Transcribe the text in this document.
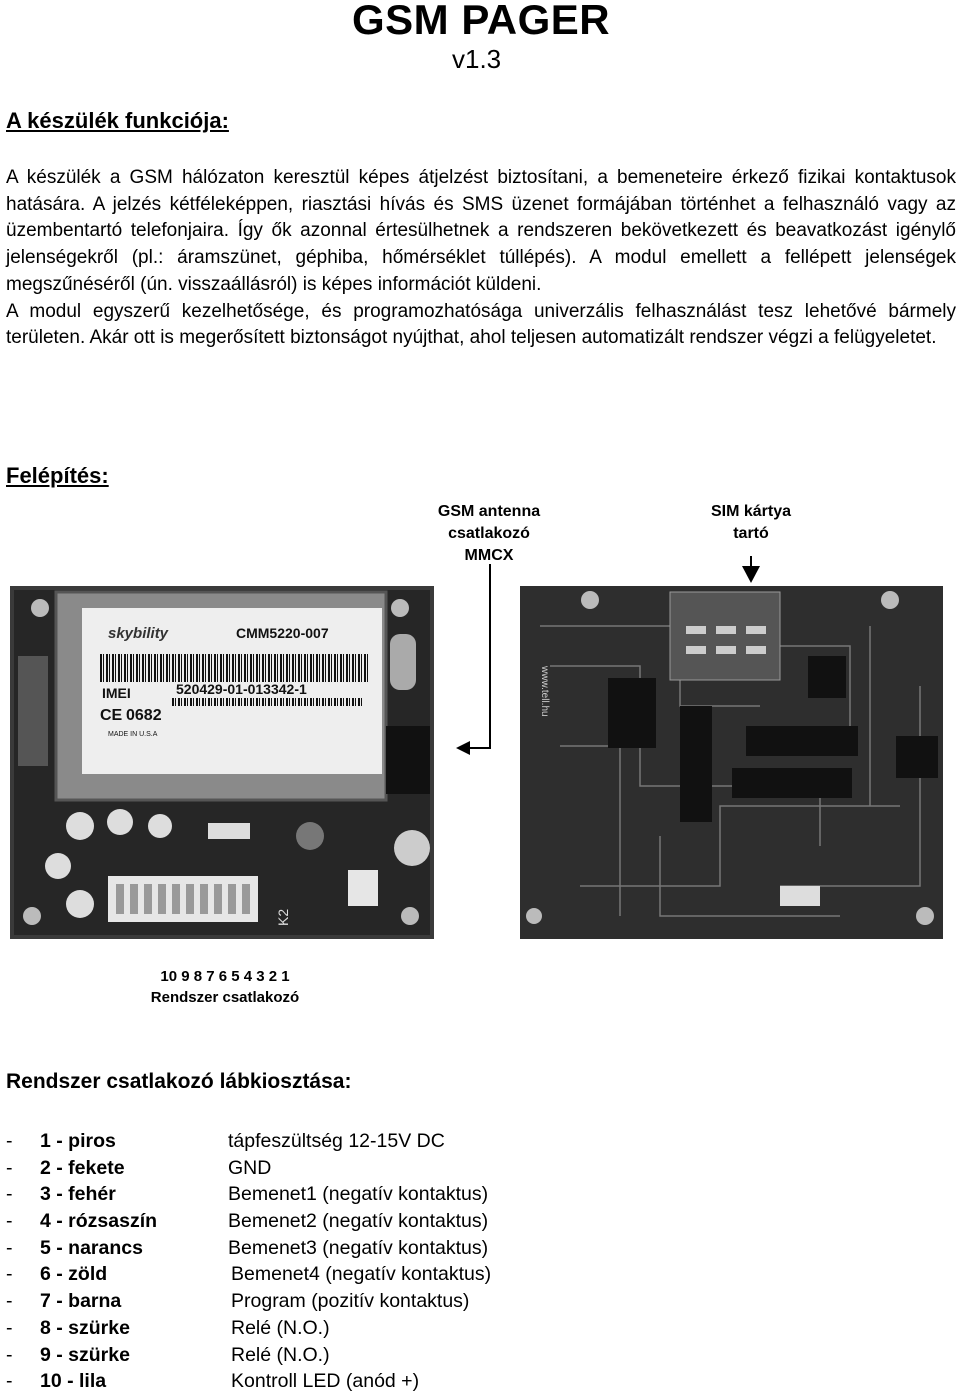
GSM PAGER
v1.3
A készülék funkciója:

A készülék a GSM hálózaton keresztül képes átjelzést biztosítani, a bemeneteire érkező fizikai kontaktusok hatására. A jelzés kétféleképpen, riasztási hívás és SMS üzenet formájában történhet a felhasználó vagy az üzembentartó telefonjaira. Így ők azonnal értesülhetnek a rendszeren bekövetkezett és beavatkozást igénylő jelenségekről (pl.: áramszünet, géphiba, hőmérséklet túllépés). A modul emellett a fellépett jelenségek megszűnéséről (ún. visszaállásról) is képes információt küldeni.

A modul egyszerű kezelhetősége, és programozhatósága univerzális felhasználást tesz lehetővé bármely területen. Akár ott is megerősített biztonságot nyújthat, ahol teljesen automatizált rendszer végzi a felügyeletet.

Felépítés:
GSM antenna
csatlakozó
MMCX
SIM kártya
tartó
skybility	CMM5220-007
IMEI	520429-01-013342-1
CE 0682
MADE IN U.S.A
K2
www.tell.hu
10 9 8 7 6 5 4 3 2 1
Rendszer csatlakozó
Rendszer csatlakozó lábkiosztása:
- 1 - piros	tápfeszültség 12-15V DC
- 2 - fekete	GND
- 3 - fehér	Bemenet1 (negatív kontaktus)
- 4 - rózsaszín	Bemenet2 (negatív kontaktus)
- 5 - narancs	Bemenet3 (negatív kontaktus)
- 6 - zöld	Bemenet4 (negatív kontaktus)
- 7 - barna	Program (pozitív kontaktus)
- 8 - szürke	Relé (N.O.)
- 9 - szürke	Relé (N.O.)
- 10 - lila	Kontroll LED (anód +)
